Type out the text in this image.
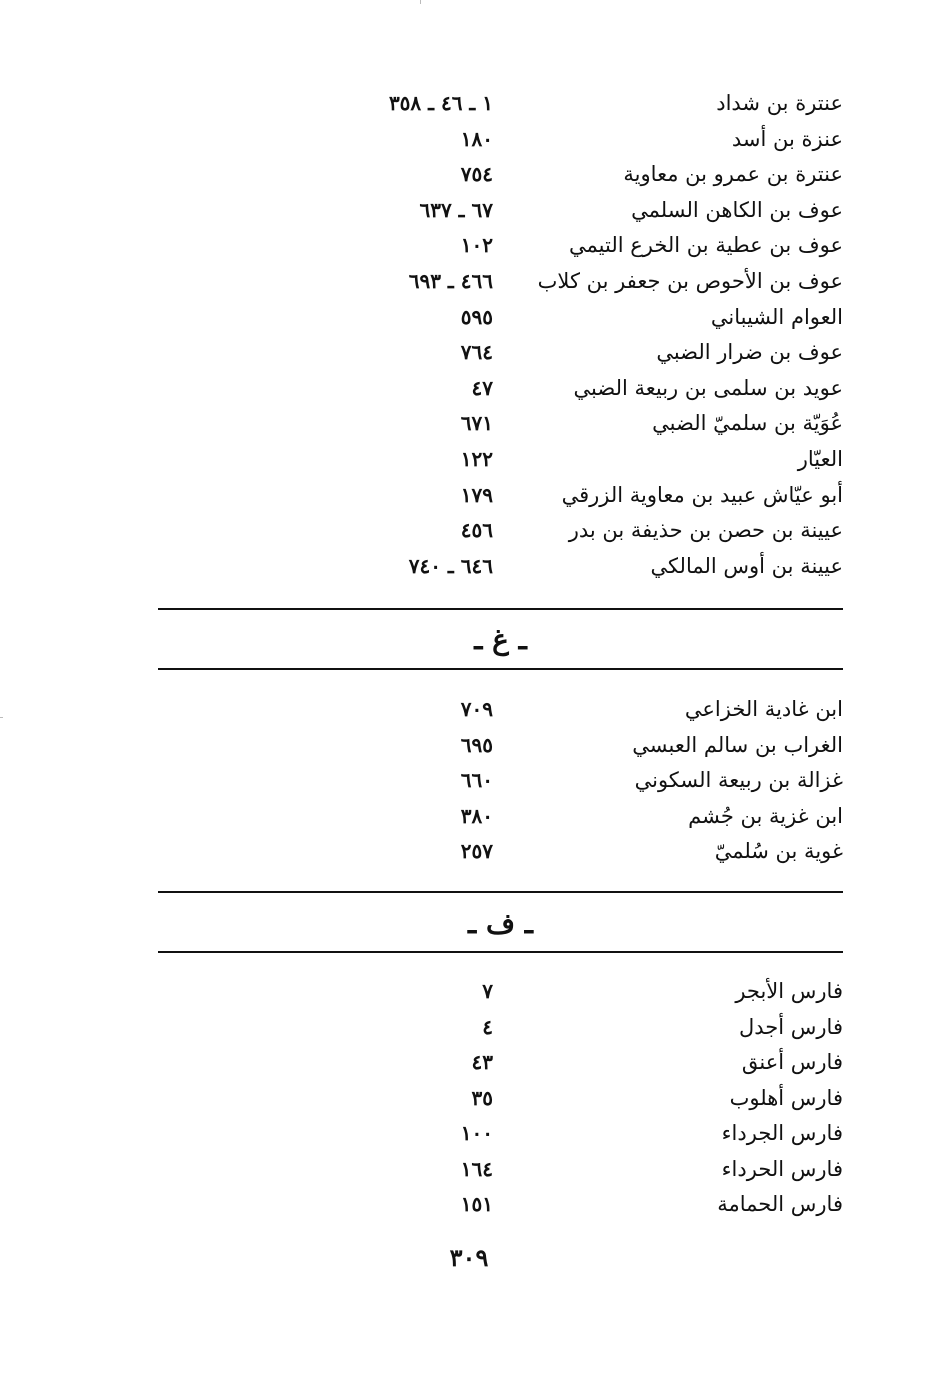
عنترة بن شداد
١ ـ ٤٦ ـ ٣٥٨
عنزة بن أسد
١٨٠
عنترة بن عمرو بن معاوية
٧٥٤
عوف بن الكاهن السلمي
٦٧ ـ ٦٣٧
عوف بن عطية بن الخرع التيمي
١٠٢
عوف بن الأحوص بن جعفر بن كلاب
٤٦٦ ـ ٦٩٣
العوام الشيباني
٥٩٥
عوف بن ضرار الضبي
٧٦٤
عويد بن سلمى بن ربيعة الضبي
٤٧
عُوَيّة بن سلميّ الضبي
٦٧١
العيّار
١٢٢
أبو عيّاش عبيد بن معاوية الزرقي
١٧٩
عيينة بن حصن بن حذيفة بن بدر
٤٥٦
عيينة بن أوس المالكي
٦٤٦ ـ ٧٤٠
ـ غ ـ
ابن غادية الخزاعي
٧٠٩
الغراب بن سالم العبسي
٦٩٥
غزالة بن ربيعة السكوني
٦٦٠
ابن غزية بن جُشم
٣٨٠
غوية بن سُلميّ
٢٥٧
ـ ف ـ
فارس الأبجر
٧
فارس أجدل
٤
فارس أعنق
٤٣
فارس أهلوب
٣٥
فارس الجرداء
١٠٠
فارس الحرداء
١٦٤
فارس الحمامة
١٥١
٣٠٩
